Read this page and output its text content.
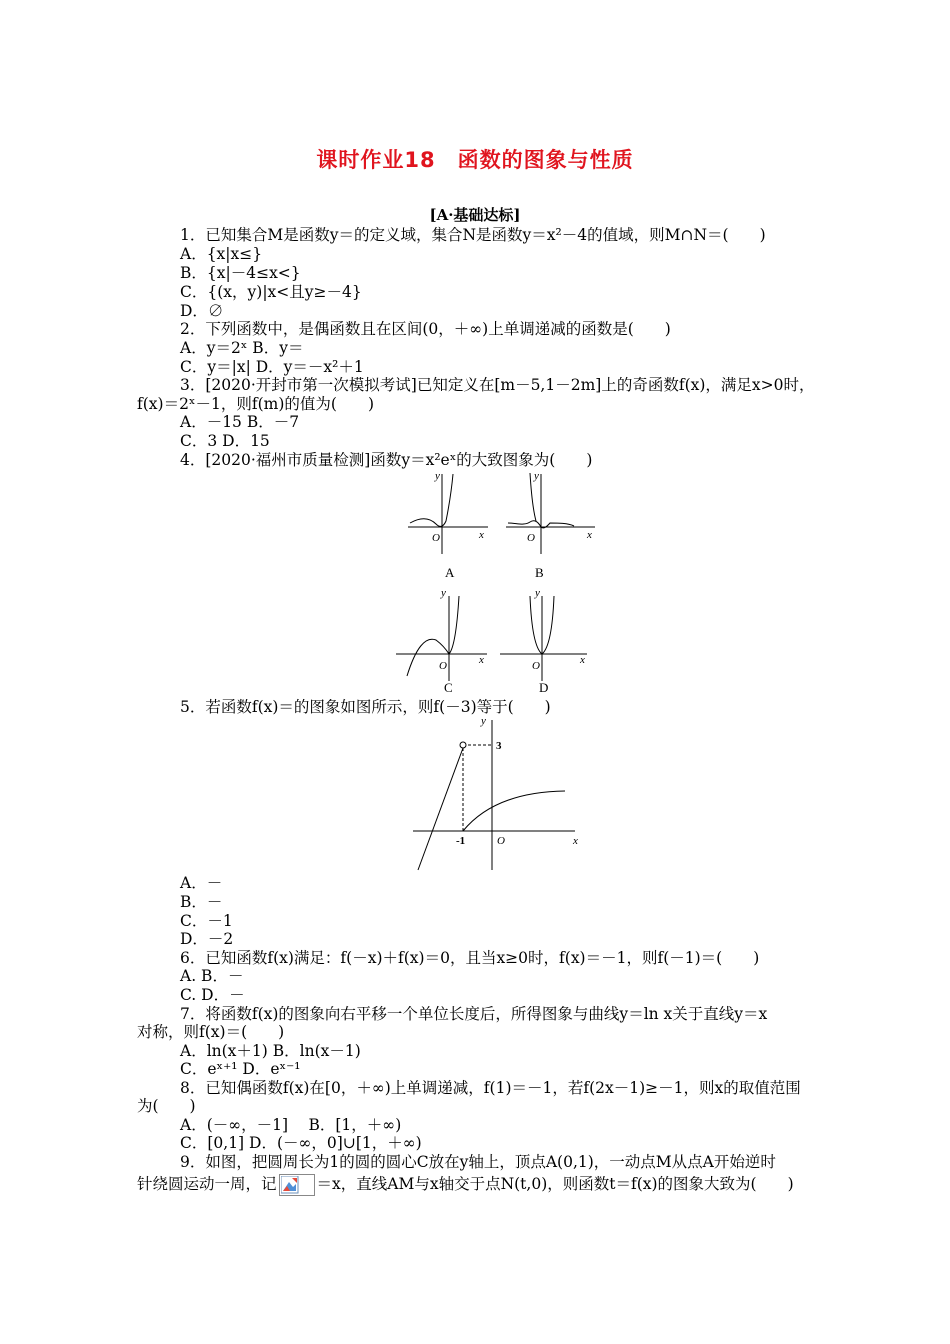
课时作业18　函数的图象与性质
[A·基础达标]
1．已知集合M是函数y＝的定义域，集合N是函数y＝x²－4的值域，则M∩N＝(　　)
A．{x|x≤}
B．{x|－4≤x<}
C．{(x，y)|x<且y≥－4}
D．∅
2．下列函数中，是偶函数且在区间(0，＋∞)上单调递减的函数是(　　)
A．y＝2ˣ B．y＝
C．y＝|x| D．y＝－x²＋1
3．[2020·开封市第一次模拟考试]已知定义在[m－5,1－2m]上的奇函数f(x)，满足x>0时，
f(x)＝2ˣ－1，则f(m)的值为(　　)
A．－15 B．－7
C．3 D．15
4．[2020·福州市质量检测]函数y＝x²eˣ的大致图象为(　　)
y
x
O
y
x
O
y
x
O
y
x
O
A	B
C	D
5．若函数f(x)＝的图象如图所示，则f(－3)等于(　　)
y
x
O
3
-1
A．－
B．－
C．－1
D．－2
6．已知函数f(x)满足：f(－x)＋f(x)＝0，且当x≥0时，f(x)＝－1，则f(－1)＝(　　)
A. B．－
C. D．－
7．将函数f(x)的图象向右平移一个单位长度后，所得图象与曲线y＝ln x关于直线y＝x
对称，则f(x)＝(　　)
A．ln(x＋1) B．ln(x－1)
C．eˣ⁺¹ D．eˣ⁻¹
8．已知偶函数f(x)在[0，＋∞)上单调递减，f(1)＝－1，若f(2x－1)≥－1，则x的取值范围
为(　　)
A．(－∞，－1]　 B．[1，＋∞)
C．[0,1] D．(－∞，0]∪[1，＋∞)
9．如图，把圆周长为1的圆的圆心C放在y轴上，顶点A(0,1)，一动点M从点A开始逆时
针绕圆运动一周，记	＝x，直线AM与x轴交于点N(t,0)，则函数t＝f(x)的图象大致为(　　)
